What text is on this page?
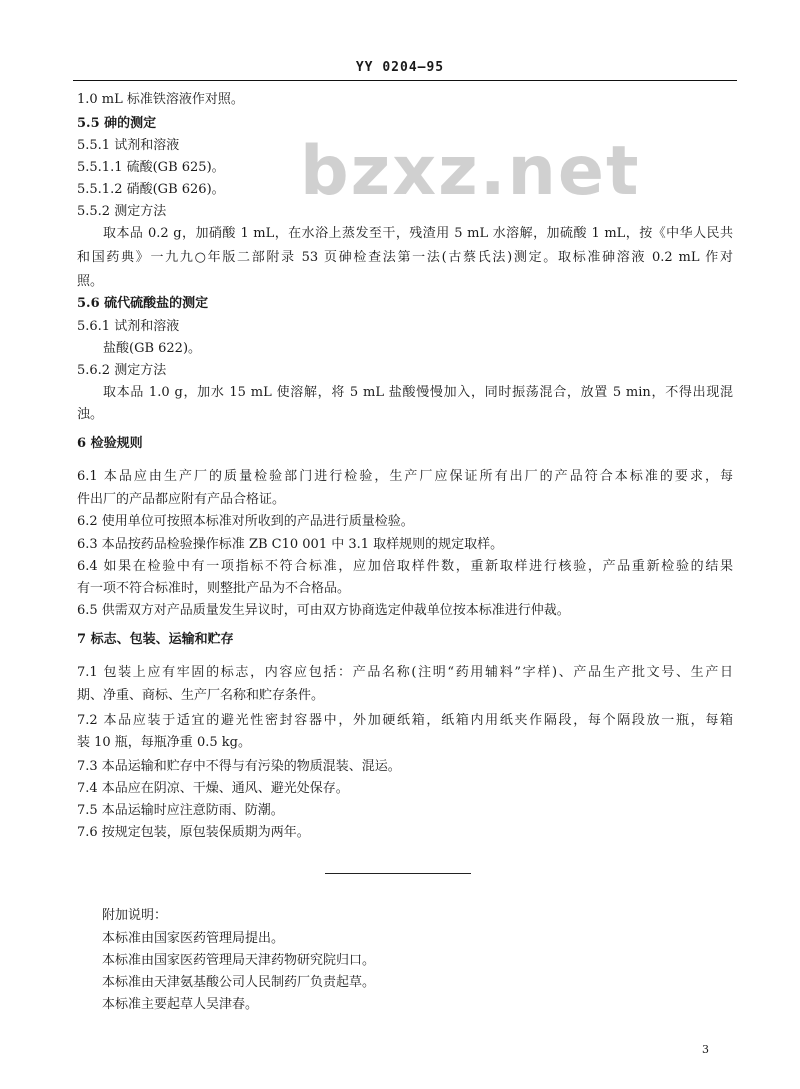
YY 0204—95
bzxz.net
1.0 mL 标准铁溶液作对照。
5.5 砷的测定
5.5.1 试剂和溶液
5.5.1.1 硫酸(GB 625)。
5.5.1.2 硝酸(GB 626)。
5.5.2 测定方法
取本品 0.2 g，加硝酸 1 mL，在水浴上蒸发至干，残渣用 5 mL 水溶解，加硫酸 1 mL，按《中华人民共
和国药典》一九九○年版二部附录 53 页砷检查法第一法(古蔡氏法)测定。取标准砷溶液 0.2 mL 作对
照。
5.6 硫代硫酸盐的测定
5.6.1 试剂和溶液
盐酸(GB 622)。
5.6.2 测定方法
取本品 1.0 g，加水 15 mL 使溶解，将 5 mL 盐酸慢慢加入，同时振荡混合，放置 5 min，不得出现混
浊。
6 检验规则
6.1 本品应由生产厂的质量检验部门进行检验，生产厂应保证所有出厂的产品符合本标准的要求，每
件出厂的产品都应附有产品合格证。
6.2 使用单位可按照本标准对所收到的产品进行质量检验。
6.3 本品按药品检验操作标准 ZB C10 001 中 3.1 取样规则的规定取样。
6.4 如果在检验中有一项指标不符合标准，应加倍取样件数，重新取样进行核验，产品重新检验的结果
有一项不符合标准时，则整批产品为不合格品。
6.5 供需双方对产品质量发生异议时，可由双方协商选定仲裁单位按本标准进行仲裁。
7 标志、包装、运输和贮存
7.1 包装上应有牢固的标志，内容应包括：产品名称(注明“药用辅料”字样)、产品生产批文号、生产日
期、净重、商标、生产厂名称和贮存条件。
7.2 本品应装于适宜的避光性密封容器中，外加硬纸箱，纸箱内用纸夹作隔段，每个隔段放一瓶，每箱
装 10 瓶，每瓶净重 0.5 kg。
7.3 本品运输和贮存中不得与有污染的物质混装、混运。
7.4 本品应在阴凉、干燥、通风、避光处保存。
7.5 本品运输时应注意防雨、防潮。
7.6 按规定包装，原包装保质期为两年。
附加说明：
本标准由国家医药管理局提出。
本标准由国家医药管理局天津药物研究院归口。
本标准由天津氨基酸公司人民制药厂负责起草。
本标准主要起草人吴津春。
3
